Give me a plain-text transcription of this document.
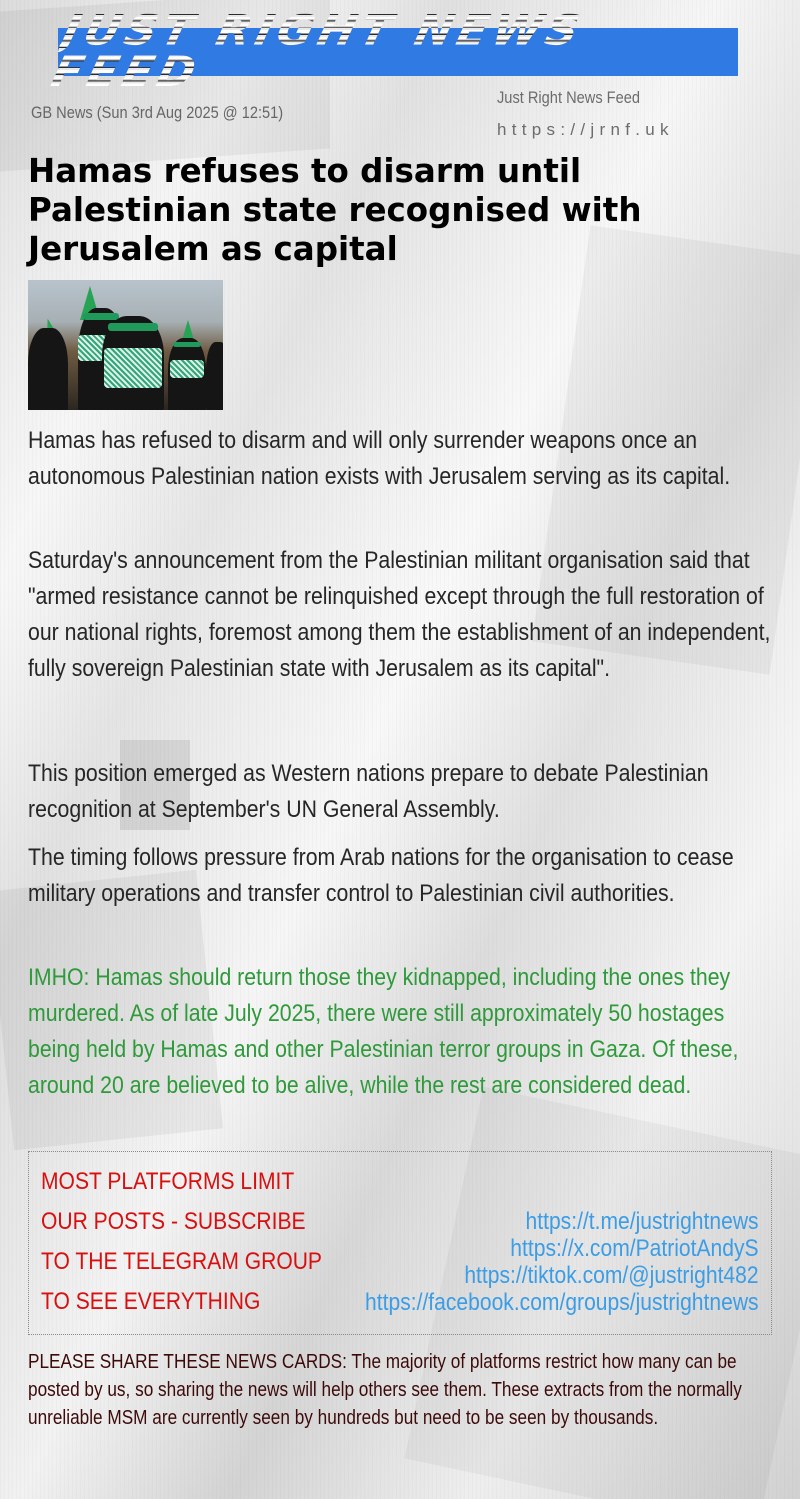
JUST RIGHT NEWS FEED
GB News (Sun 3rd Aug 2025 @ 12:51)
Just Right News Feed
https://jrnf.uk
Hamas refuses to disarm until Palestinian state recognised with Jerusalem as capital

Hamas has refused to disarm and will only surrender weapons once an autonomous Palestinian nation exists with Jerusalem serving as its capital.

Saturday's announcement from the Palestinian militant organisation said that "armed resistance cannot be relinquished except through the full restoration of our national rights, foremost among them the establishment of an independent, fully sovereign Palestinian state with Jerusalem as its capital".

This position emerged as Western nations prepare to debate Palestinian recognition at September's UN General Assembly.

The timing follows pressure from Arab nations for the organisation to cease military operations and transfer control to Palestinian civil authorities.

IMHO: Hamas should return those they kidnapped, including the ones they murdered. As of late July 2025, there were still approximately 50 hostages being held by Hamas and other Palestinian terror groups in Gaza. Of these, around 20 are believed to be alive, while the rest are considered dead.

MOST PLATFORMS LIMIT
OUR POSTS - SUBSCRIBE
TO THE TELEGRAM GROUP
TO SEE EVERYTHING
https://t.me/justrightnews
https://x.com/PatriotAndyS
https://tiktok.com/@justright482
https://facebook.com/groups/justrightnews

PLEASE SHARE THESE NEWS CARDS: The majority of platforms restrict how many can be posted by us, so sharing the news will help others see them. These extracts from the normally unreliable MSM are currently seen by hundreds but need to be seen by thousands.
